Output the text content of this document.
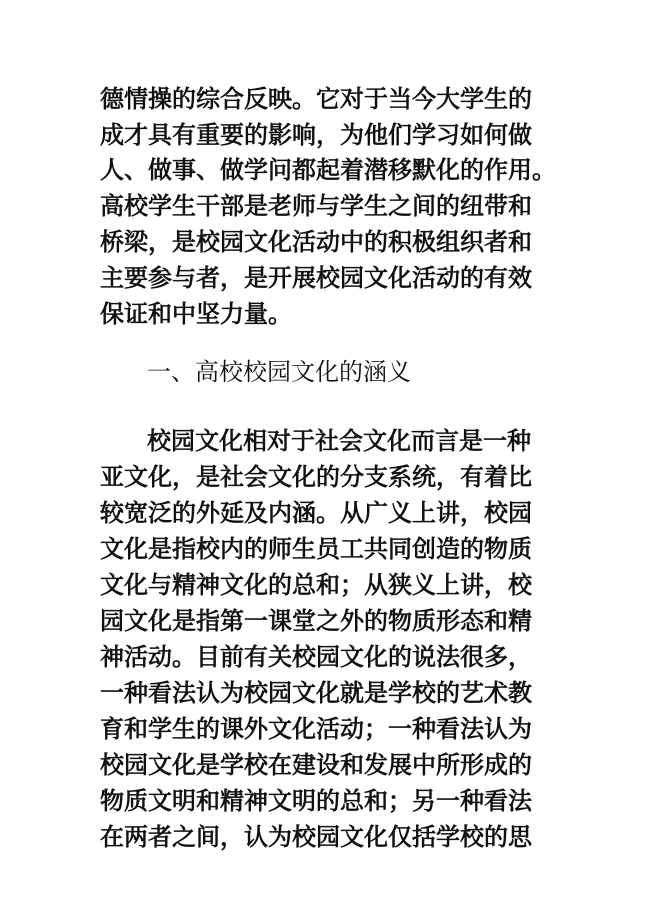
德情操的综合反映。它对于当今大学生的
成才具有重要的影响，为他们学习如何做
人、做事、做学问都起着潜移默化的作用。
高校学生干部是老师与学生之间的纽带和
桥梁，是校园文化活动中的积极组织者和
主要参与者，是开展校园文化活动的有效
保证和中坚力量。
一、高校校园文化的涵义
校园文化相对于社会文化而言是一种
亚文化，是社会文化的分支系统，有着比
较宽泛的外延及内涵。从广义上讲，校园
文化是指校内的师生员工共同创造的物质
文化与精神文化的总和；从狭义上讲，校
园文化是指第一课堂之外的物质形态和精
神活动。目前有关校园文化的说法很多，
一种看法认为校园文化就是学校的艺术教
育和学生的课外文化活动；一种看法认为
校园文化是学校在建设和发展中所形成的
物质文明和精神文明的总和；另一种看法
在两者之间，认为校园文化仅括学校的思
